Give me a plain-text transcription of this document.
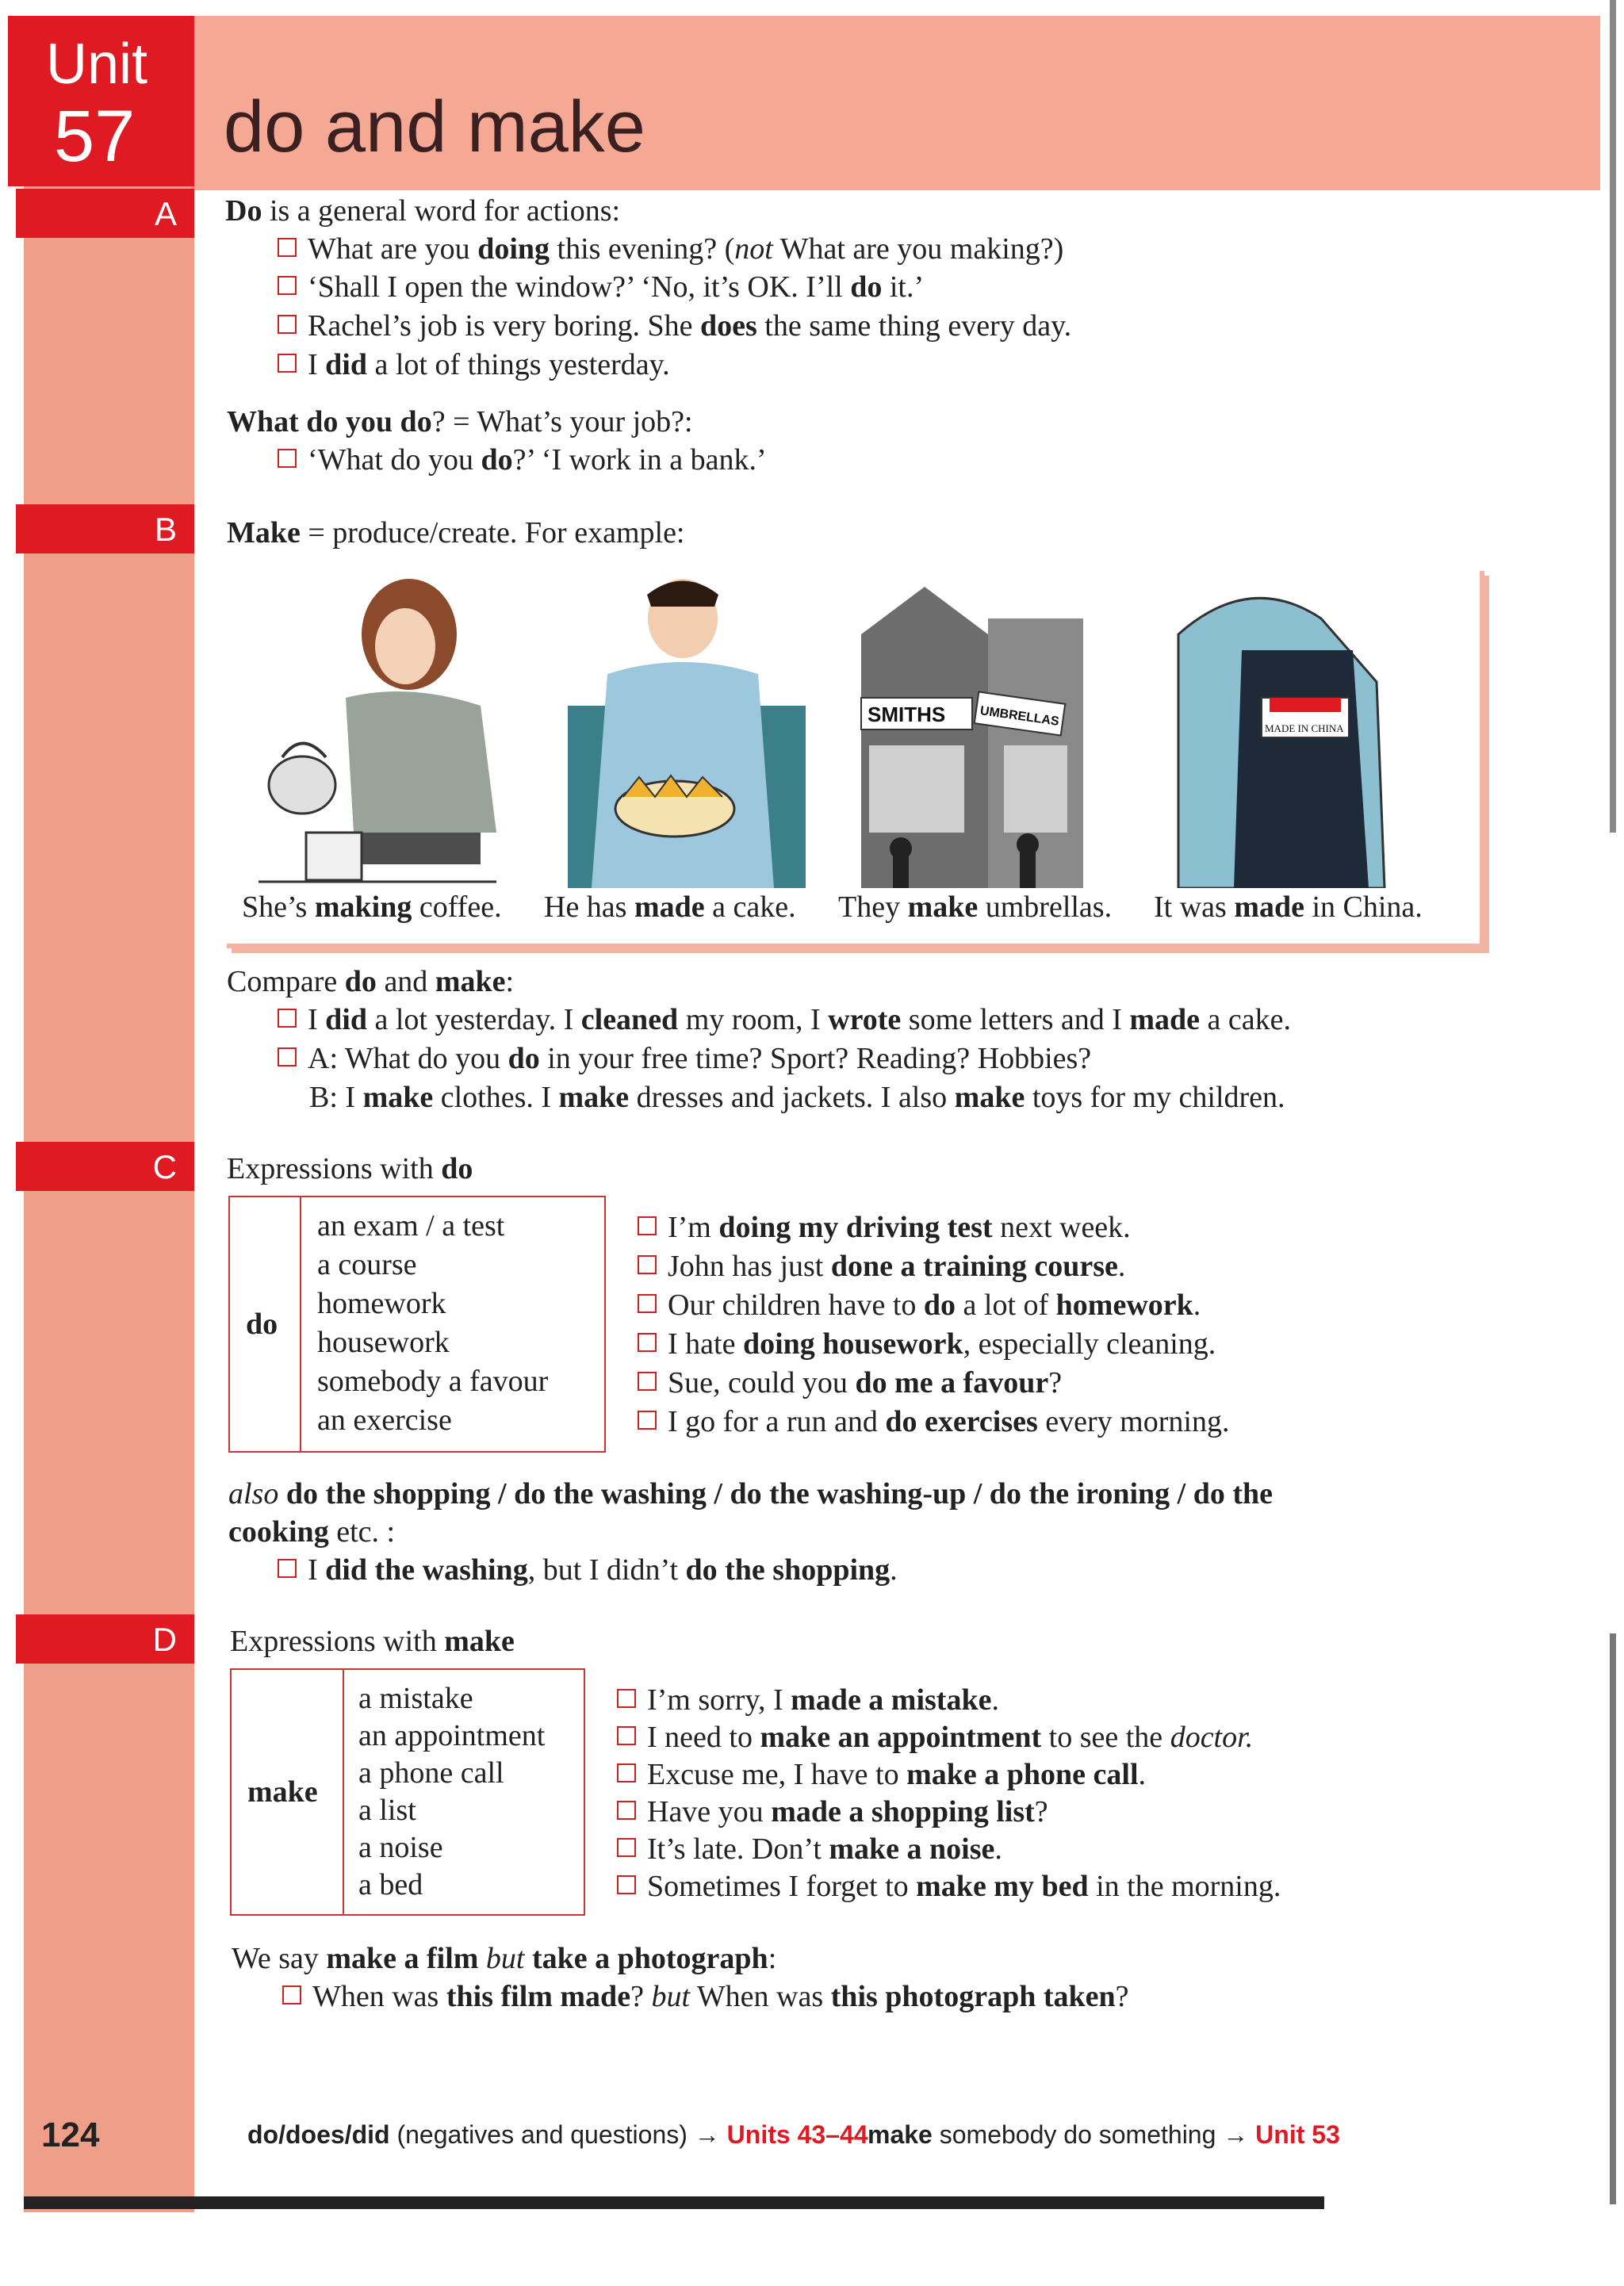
Unit
57 do and make
A
B
C
D
Do is a general word for actions:
What are you doing this evening? (not What are you making?)
‘Shall I open the window?’ ‘No, it’s OK. I’ll do it.’
Rachel’s job is very boring. She does the same thing every day.
I did a lot of things yesterday.
What do you do? = What’s your job?:
‘What do you do?’ ‘I work in a bank.’
Make = produce/create. For example:
SMITHS	UMBRELLAS	MADE IN CHINA
She’s making coffee. He has made a cake. They make umbrellas. It was made in China.
Compare do and make:
I did a lot yesterday. I cleaned my room, I wrote some letters and I made a cake.
A: What do you do in your free time? Sport? Reading? Hobbies?
B: I make clothes. I make dresses and jackets. I also make toys for my children.
Expressions with do
do
an exam / a test
a course
homework
housework
somebody a favour
an exercise
I’m doing my driving test next week.
John has just done a training course.
Our children have to do a lot of homework.
I hate doing housework, especially cleaning.
Sue, could you do me a favour?
I go for a run and do exercises every morning.
also do the shopping / do the washing / do the washing-up / do the ironing / do the
cooking etc. :
I did the washing, but I didn’t do the shopping.
Expressions with make
make
a mistake
an appointment
a phone call
a list
a noise
a bed
I’m sorry, I made a mistake.
I need to make an appointment to see the doctor.
Excuse me, I have to make a phone call.
Have you made a shopping list?
It’s late. Don’t make a noise.
Sometimes I forget to make my bed in the morning.
We say make a film but take a photograph:
When was this film made? but When was this photograph taken?
124	do/does/did (negatives and questions) → Units 43–44 make somebody do something → Unit 53
